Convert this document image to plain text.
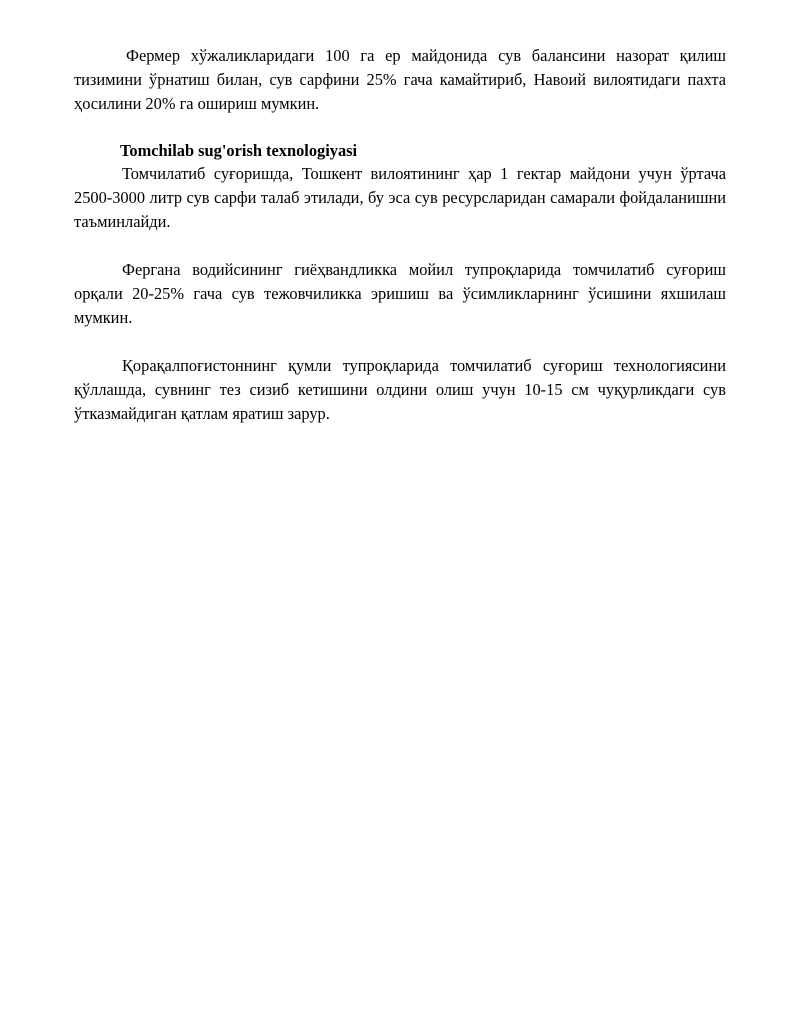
Фермер хўжаликларидаги 100 га ер майдонида сув балансини назорат қилиш тизимини ўрнатиш билан, сув сарфини 25% гача камайтириб, Навоий вилоятидаги пахта ҳосилини 20% га ошириш мумкин.

Tomchilab sug'orish texnologiyasi

Томчилатиб суғоришда, Тошкент вилоятининг ҳар 1 гектар майдони учун ўртача 2500-3000 литр сув сарфи талаб этилади, бу эса сув ресурсларидан самарали фойдаланишни таъминлайди.

Фергана водийсининг гиёҳвандликка мойил тупроқларида томчилатиб суғориш орқали 20-25% гача сув тежовчиликка эришиш ва ўсимликларнинг ўсишини яхшилаш мумкин.

Қорақалпоғистоннинг қумли тупроқларида томчилатиб суғориш технологиясини қўллашда, сувнинг тез сизиб кетишини олдини олиш учун 10-15 см чуқурликдаги сув ўтказмайдиган қатлам яратиш зарур.
